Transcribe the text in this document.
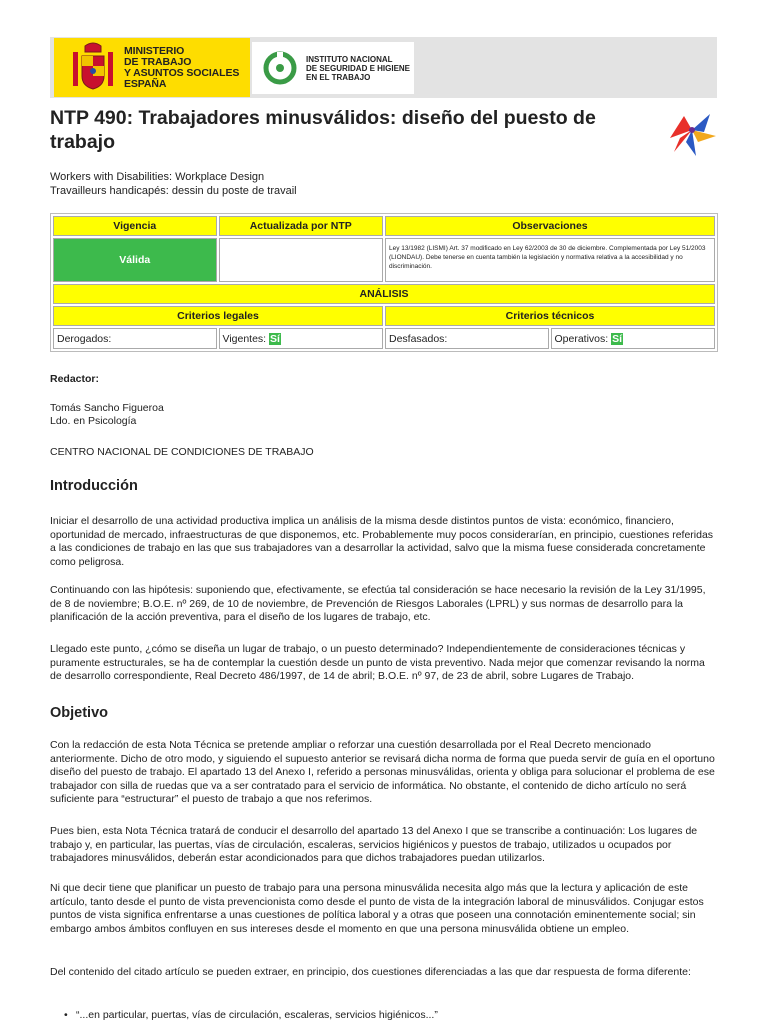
MINISTERIO
DE TRABAJO
Y ASUNTOS SOCIALES
ESPAÑA
INSTITUTO NACIONAL
DE SEGURIDAD E HIGIENE
EN EL TRABAJO
NTP 490: Trabajadores minusválidos: diseño del puesto de trabajo
Workers with Disabilities: Workplace Design
Travailleurs handicapés: dessin du poste de travail
Vigencia	Actualizada por NTP	Observaciones	
Válida		Ley 13/1982 (LISMI) Art. 37 modificado en Ley 62/2003 de 30 de diciembre. Complementada por Ley 51/2003 (LIONDAU). Debe tenerse en cuenta también la legislación y normativa relativa a la accesibilidad y no discriminación.	
ANÁLISIS			
Criterios legales		Criterios técnicos	
Derogados:	Vigentes: Sí	Desfasados:	Operativos: Sí
Redactor:
Tomás Sancho Figueroa
Ldo. en Psicología
CENTRO NACIONAL DE CONDICIONES DE TRABAJO
Introducción

Iniciar el desarrollo de una actividad productiva implica un análisis de la misma desde distintos puntos de vista: económico, financiero, oportunidad de mercado, infraestructuras de que disponemos, etc. Probablemente muy pocos considerarían, en principio, cuestiones referidas a las condiciones de trabajo en las que sus trabajadores van a desarrollar la actividad, salvo que la misma fuese considerada concretamente como peligrosa.

Continuando con las hipótesis: suponiendo que, efectivamente, se efectúa tal consideración se hace necesario la revisión de la Ley 31/1995, de 8 de noviembre; B.O.E. nº 269, de 10 de noviembre, de Prevención de Riesgos Laborales (LPRL) y sus normas de desarrollo para la planificación de la acción preventiva, para el diseño de los lugares de trabajo, etc.

Llegado este punto, ¿cómo se diseña un lugar de trabajo, o un puesto determinado? Independientemente de consideraciones técnicas y puramente estructurales, se ha de contemplar la cuestión desde un punto de vista preventivo. Nada mejor que comenzar revisando la norma de desarrollo correspondiente, Real Decreto 486/1997, de 14 de abril; B.O.E. nº 97, de 23 de abril, sobre Lugares de Trabajo.

Objetivo

Con la redacción de esta Nota Técnica se pretende ampliar o reforzar una cuestión desarrollada por el Real Decreto mencionado anteriormente. Dicho de otro modo, y siguiendo el supuesto anterior se revisará dicha norma de forma que pueda servir de guía en el oportuno diseño del puesto de trabajo. El apartado 13 del Anexo I, referido a personas minusválidas, orienta y obliga para solucionar el problema de ese trabajador con silla de ruedas que va a ser contratado para el servicio de informática. No obstante, el contenido de dicho artículo no será suficiente para “estructurar” el puesto de trabajo a que nos referimos.

Pues bien, esta Nota Técnica tratará de conducir el desarrollo del apartado 13 del Anexo I que se transcribe a continuación: Los lugares de trabajo y, en particular, las puertas, vías de circulación, escaleras, servicios higiénicos y puestos de trabajo, utilizados u ocupados por trabajadores minusválidos, deberán estar acondicionados para que dichos trabajadores puedan utilizarlos.

Ni que decir tiene que planificar un puesto de trabajo para una persona minusválida necesita algo más que la lectura y aplicación de este artículo, tanto desde el punto de vista prevencionista como desde el punto de vista de la integración laboral de minusválidos. Conjugar estos puntos de vista significa enfrentarse a unas cuestiones de política laboral y a otras que poseen una connotación eminentemente social; sin embargo ambos ámbitos confluyen en sus intereses desde el momento en que una persona minusválida obtiene un empleo.

Del contenido del citado artículo se pueden extraer, en principio, dos cuestiones diferenciadas a las que dar respuesta de forma diferente:

• “...en particular, puertas, vías de circulación, escaleras, servicios higiénicos...”
